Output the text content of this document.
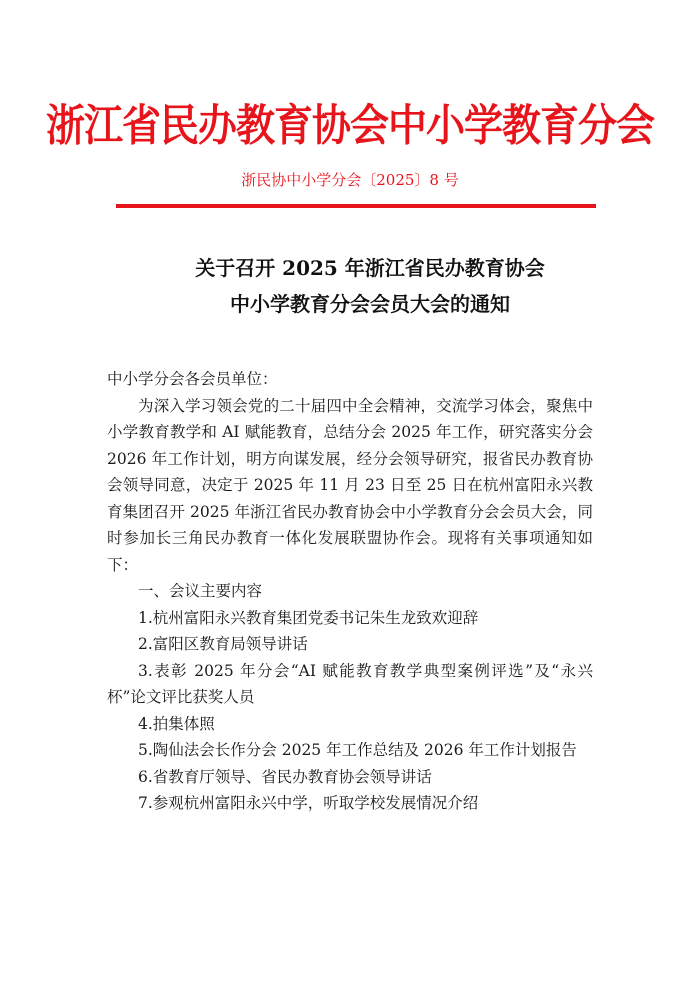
浙江省民办教育协会中小学教育分会
浙民协中小学分会〔2025〕8 号
关于召开 2025 年浙江省民办教育协会
中小学教育分会会员大会的通知

中小学分会各会员单位：

为深入学习领会党的二十届四中全会精神，交流学习体会，聚焦中小学教育教学和 AI 赋能教育，总结分会 2025 年工作，研究落实分会 2026 年工作计划，明方向谋发展，经分会领导研究，报省民办教育协会领导同意，决定于 2025 年 11 月 23 日至 25 日在杭州富阳永兴教育集团召开 2025 年浙江省民办教育协会中小学教育分会会员大会，同时参加长三角民办教育一体化发展联盟协作会。现将有关事项通知如下：

一、会议主要内容

1.杭州富阳永兴教育集团党委书记朱生龙致欢迎辞

2.富阳区教育局领导讲话

3.表彰 2025 年分会“AI 赋能教育教学典型案例评选”及“永兴杯”论文评比获奖人员

4.拍集体照

5.陶仙法会长作分会 2025 年工作总结及 2026 年工作计划报告

6.省教育厅领导、省民办教育协会领导讲话

7.参观杭州富阳永兴中学，听取学校发展情况介绍
